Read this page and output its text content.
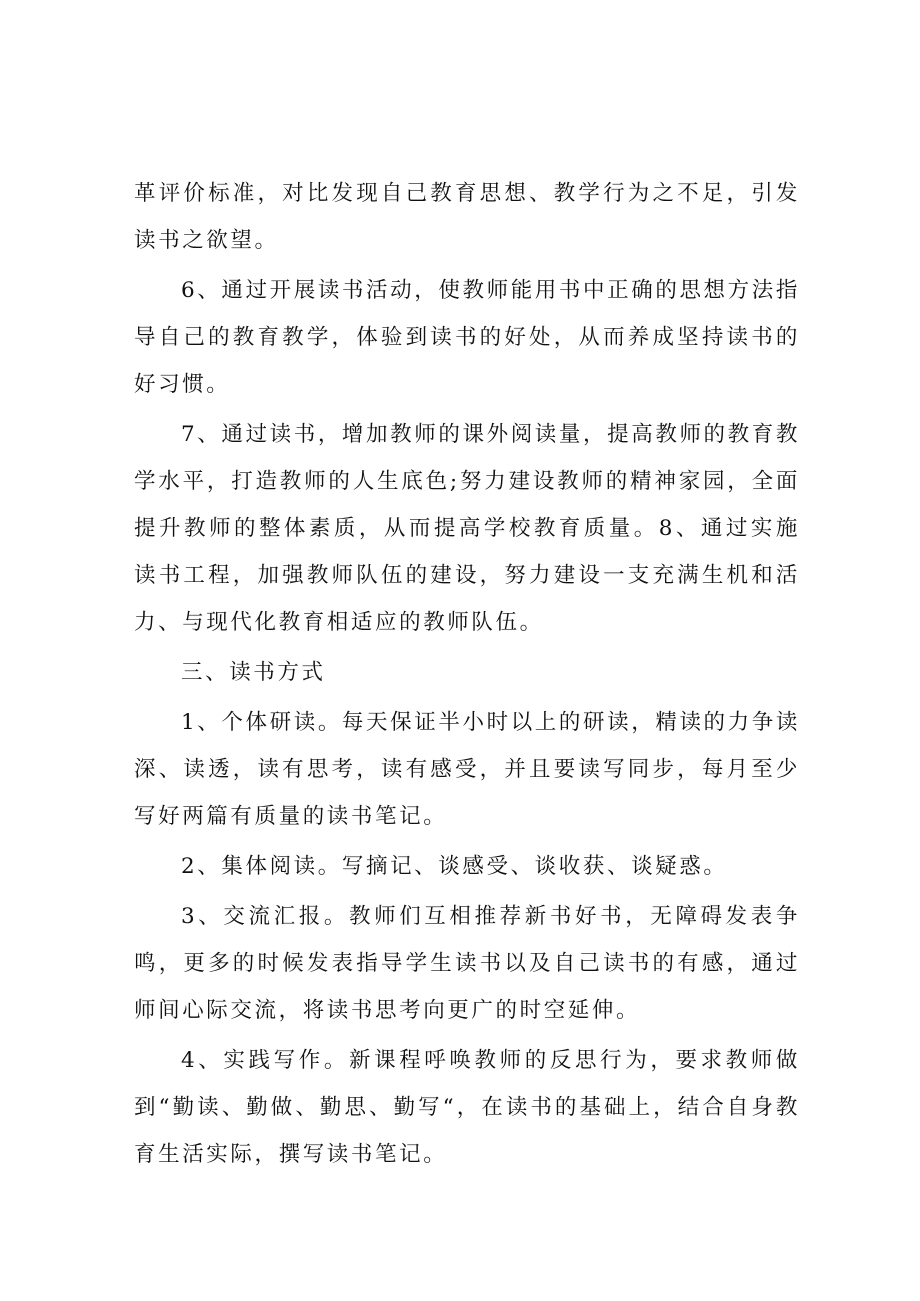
革评价标准，对比发现自己教育思想、教学行为之不足，引发读书之欲望。

6、通过开展读书活动，使教师能用书中正确的思想方法指导自己的教育教学，体验到读书的好处，从而养成坚持读书的好习惯。

7、通过读书，增加教师的课外阅读量，提高教师的教育教学水平，打造教师的人生底色;努力建设教师的精神家园，全面提升教师的整体素质，从而提高学校教育质量。8、通过实施读书工程，加强教师队伍的建设，努力建设一支充满生机和活力、与现代化教育相适应的教师队伍。

三、读书方式

1、个体研读。每天保证半小时以上的研读，精读的力争读深、读透，读有思考，读有感受，并且要读写同步，每月至少写好两篇有质量的读书笔记。

2、集体阅读。写摘记、谈感受、谈收获、谈疑惑。

3、交流汇报。教师们互相推荐新书好书，无障碍发表争鸣，更多的时候发表指导学生读书以及自己读书的有感，通过师间心际交流，将读书思考向更广的时空延伸。

4、实践写作。新课程呼唤教师的反思行为，要求教师做到“勤读、勤做、勤思、勤写“，在读书的基础上，结合自身教育生活实际，撰写读书笔记。
